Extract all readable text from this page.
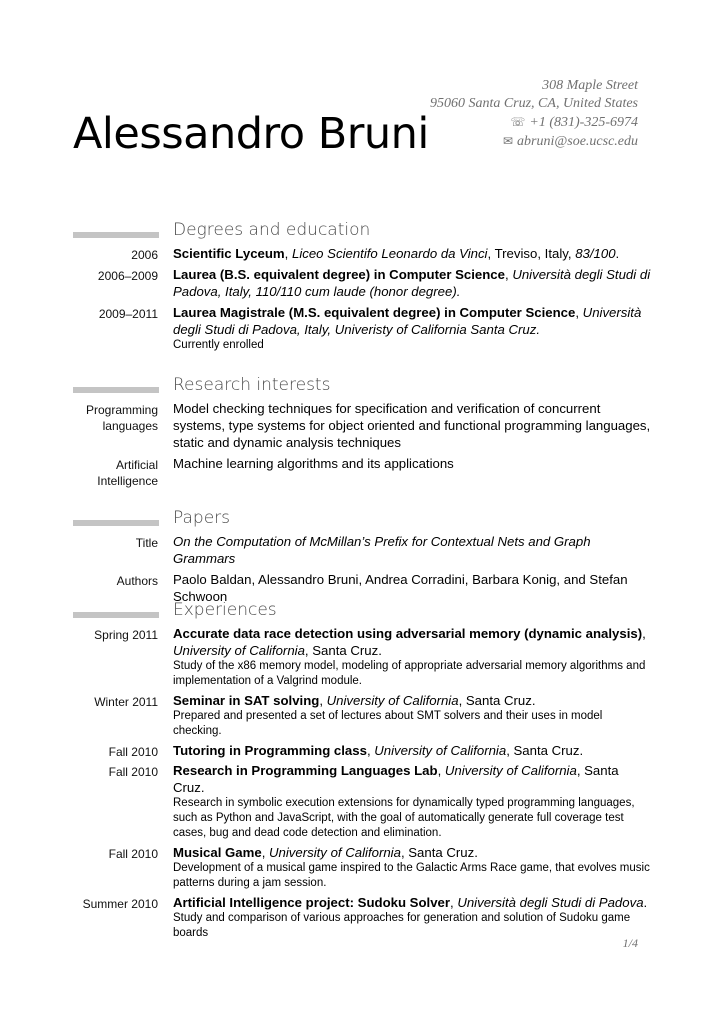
Alessandro Bruni
308 Maple Street
95060 Santa Cruz, CA, United States
☏ +1 (831)-325-6974
✉ abruni@soe.ucsc.edu
Degrees and education
2006 Scientific Lyceum, Liceo Scientifo Leonardo da Vinci, Treviso, Italy, 83/100.
2006–2009 Laurea (B.S. equivalent degree) in Computer Science, Università degli Studi di Padova, Italy, 110/110 cum laude (honor degree).
2009–2011 Laurea Magistrale (M.S. equivalent degree) in Computer Science, Università degli Studi di Padova, Italy, Univeristy of California Santa Cruz.
Currently enrolled
Research interests
Programming languages
Model checking techniques for specification and verification of concurrent systems, type systems for object oriented and functional programming languages, static and dynamic analysis techniques
Artificial Intelligence
Machine learning algorithms and its applications
Papers
Title On the Computation of McMillan’s Prefix for Contextual Nets and Graph Grammars
Authors Paolo Baldan, Alessandro Bruni, Andrea Corradini, Barbara Konig, and Stefan Schwoon
Experiences
Spring 2011 Accurate data race detection using adversarial memory (dynamic analysis), University of California, Santa Cruz.
Study of the x86 memory model, modeling of appropriate adversarial memory algorithms and implementation of a Valgrind module.
Winter 2011 Seminar in SAT solving, University of California, Santa Cruz.
Prepared and presented a set of lectures about SMT solvers and their uses in model checking.
Fall 2010 Tutoring in Programming class, University of California, Santa Cruz.
Fall 2010 Research in Programming Languages Lab, University of California, Santa Cruz.
Research in symbolic execution extensions for dynamically typed programming languages, such as Python and JavaScript, with the goal of automatically generate full coverage test cases, bug and dead code detection and elimination.
Fall 2010 Musical Game, University of California, Santa Cruz.
Development of a musical game inspired to the Galactic Arms Race game, that evolves music patterns during a jam session.
Summer 2010 Artificial Intelligence project: Sudoku Solver, Università degli Studi di Padova.
Study and comparison of various approaches for generation and solution of Sudoku game boards
1/4
